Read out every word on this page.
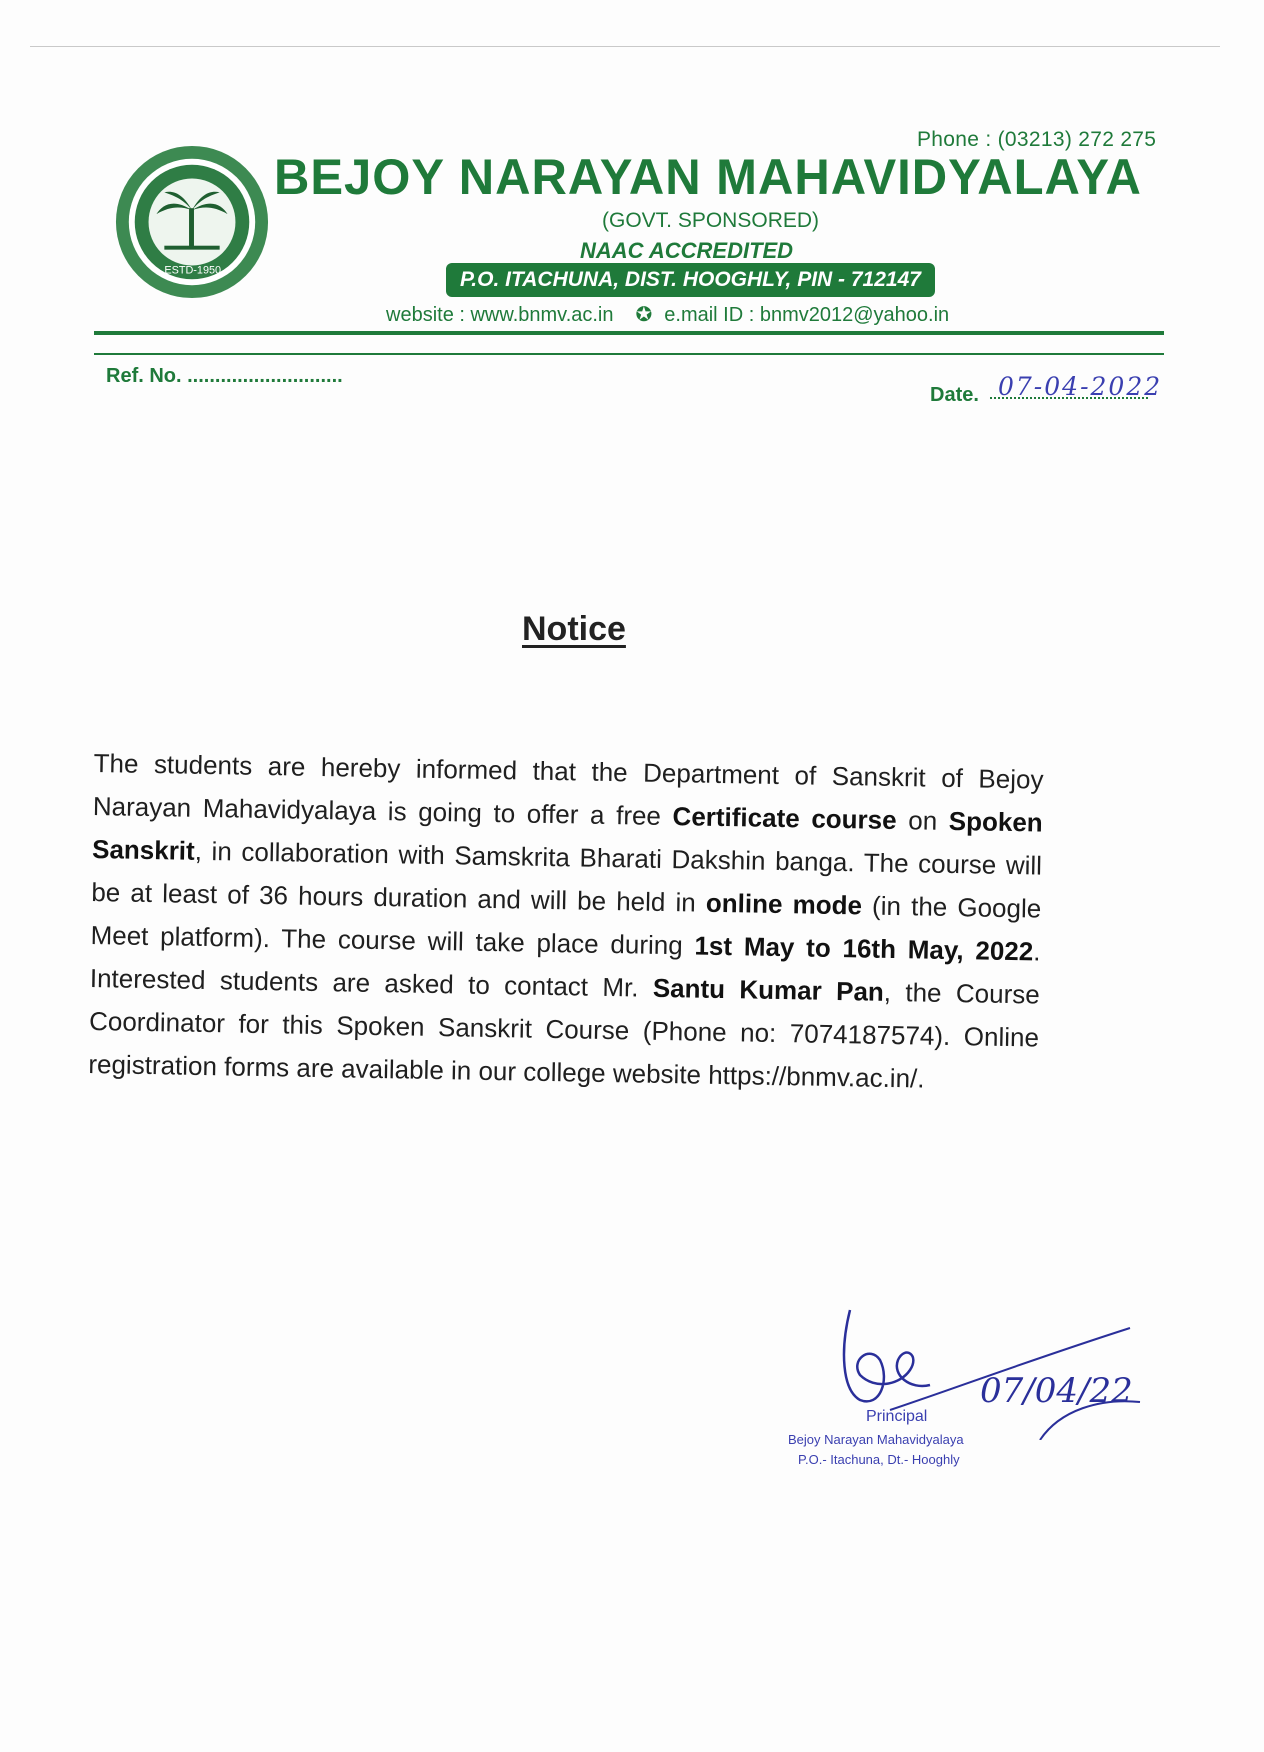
ESTD-1950
Phone : (03213) 272 275
BEJOY NARAYAN MAHAVIDYALAYA
(GOVT. SPONSORED)
NAAC ACCREDITED
P.O. ITACHUNA, DIST. HOOGHLY, PIN - 712147
website : www.bnmv.ac.in ✪ e.mail ID : bnmv2012@yahoo.in
Ref. No. ............................
Date. 07-04-2022
Notice
The students are hereby informed that the Department of Sanskrit of Bejoy Narayan Mahavidyalaya is going to offer a free Certificate course on Spoken Sanskrit, in collaboration with Samskrita Bharati Dakshin banga. The course will be at least of 36 hours duration and will be held in online mode (in the Google Meet platform). The course will take place during 1st May to 16th May, 2022. Interested students are asked to contact Mr. Santu Kumar Pan, the Course Coordinator for this Spoken Sanskrit Course (Phone no: 7074187574). Online registration forms are available in our college website https://bnmv.ac.in/.
07/04/22
Principal
Bejoy Narayan Mahavidyalaya
P.O.- Itachuna, Dt.- Hooghly
